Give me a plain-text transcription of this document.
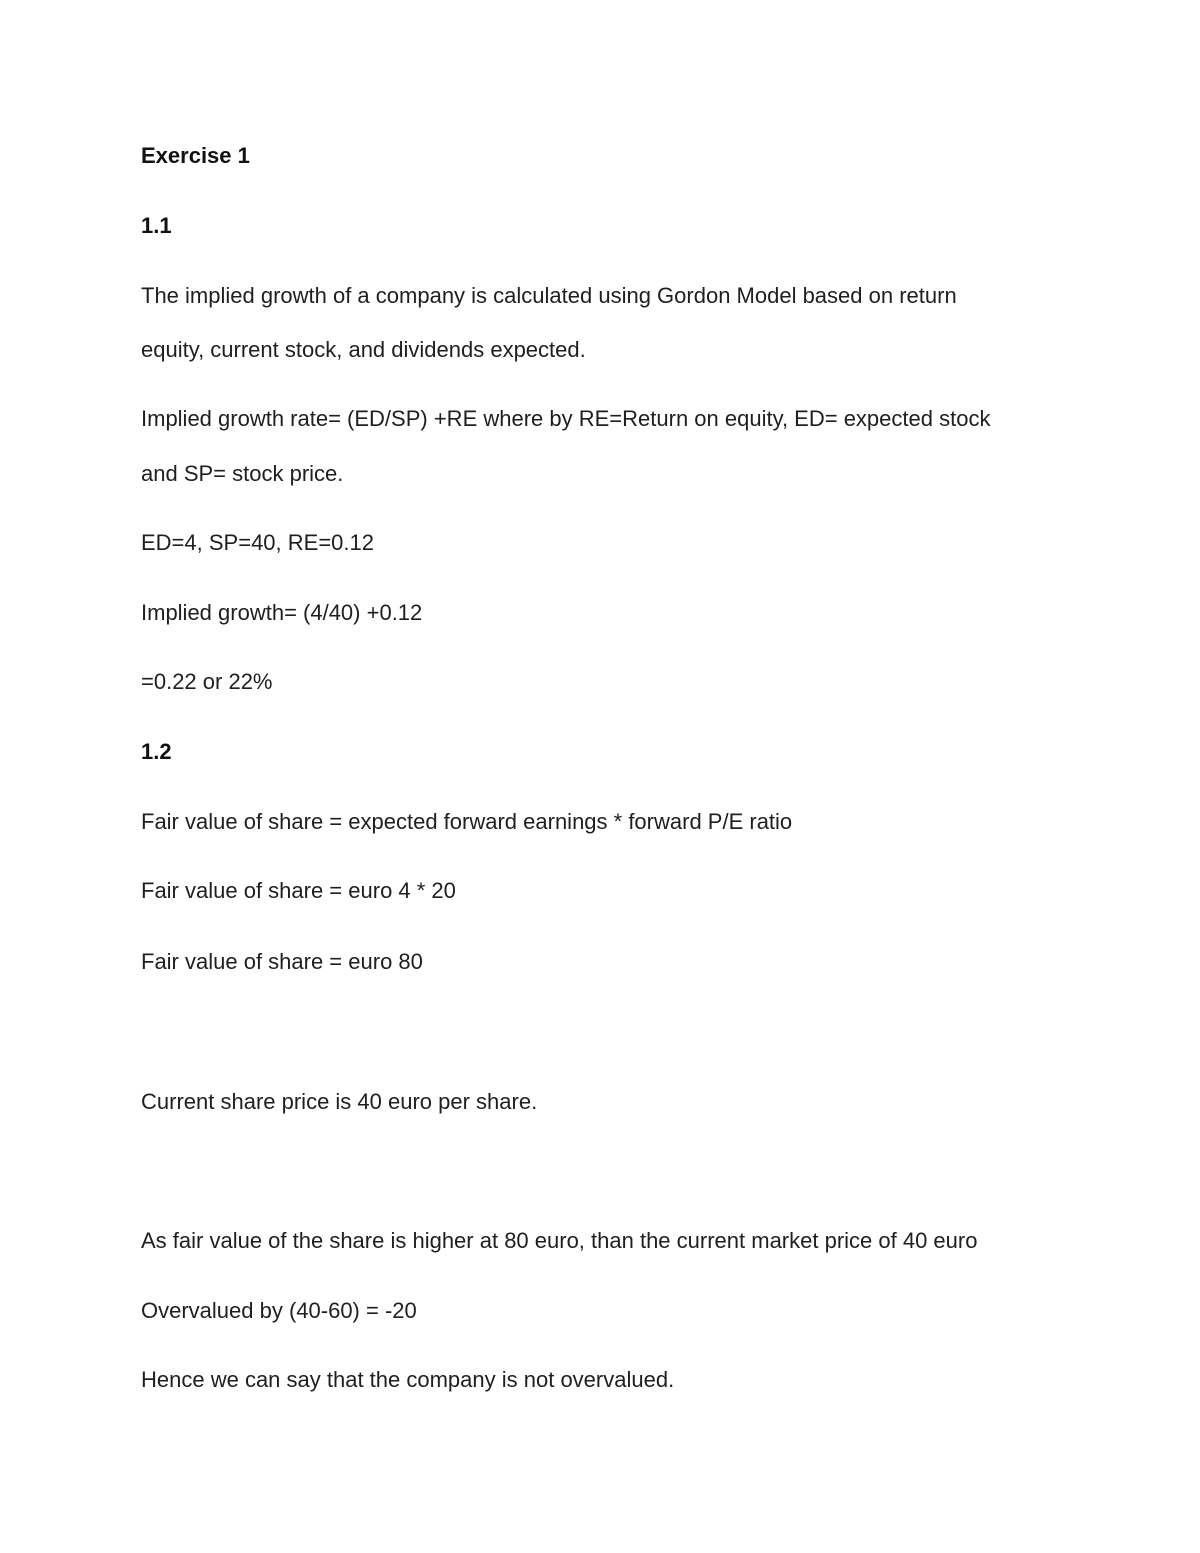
Exercise 1
1.1
The implied growth of a company is calculated using Gordon Model based on return
equity, current stock, and dividends expected.
Implied growth rate= (ED/SP) +RE where by RE=Return on equity, ED= expected stock
and SP= stock price.
ED=4, SP=40, RE=0.12
Implied growth= (4/40) +0.12
=0.22 or 22%
1.2
Fair value of share = expected forward earnings * forward P/E ratio
Fair value of share = euro 4 * 20
Fair value of share = euro 80
Current share price is 40 euro per share.
As fair value of the share is higher at 80 euro, than the current market price of 40 euro
Overvalued by (40-60) = -20
Hence we can say that the company is not overvalued.
